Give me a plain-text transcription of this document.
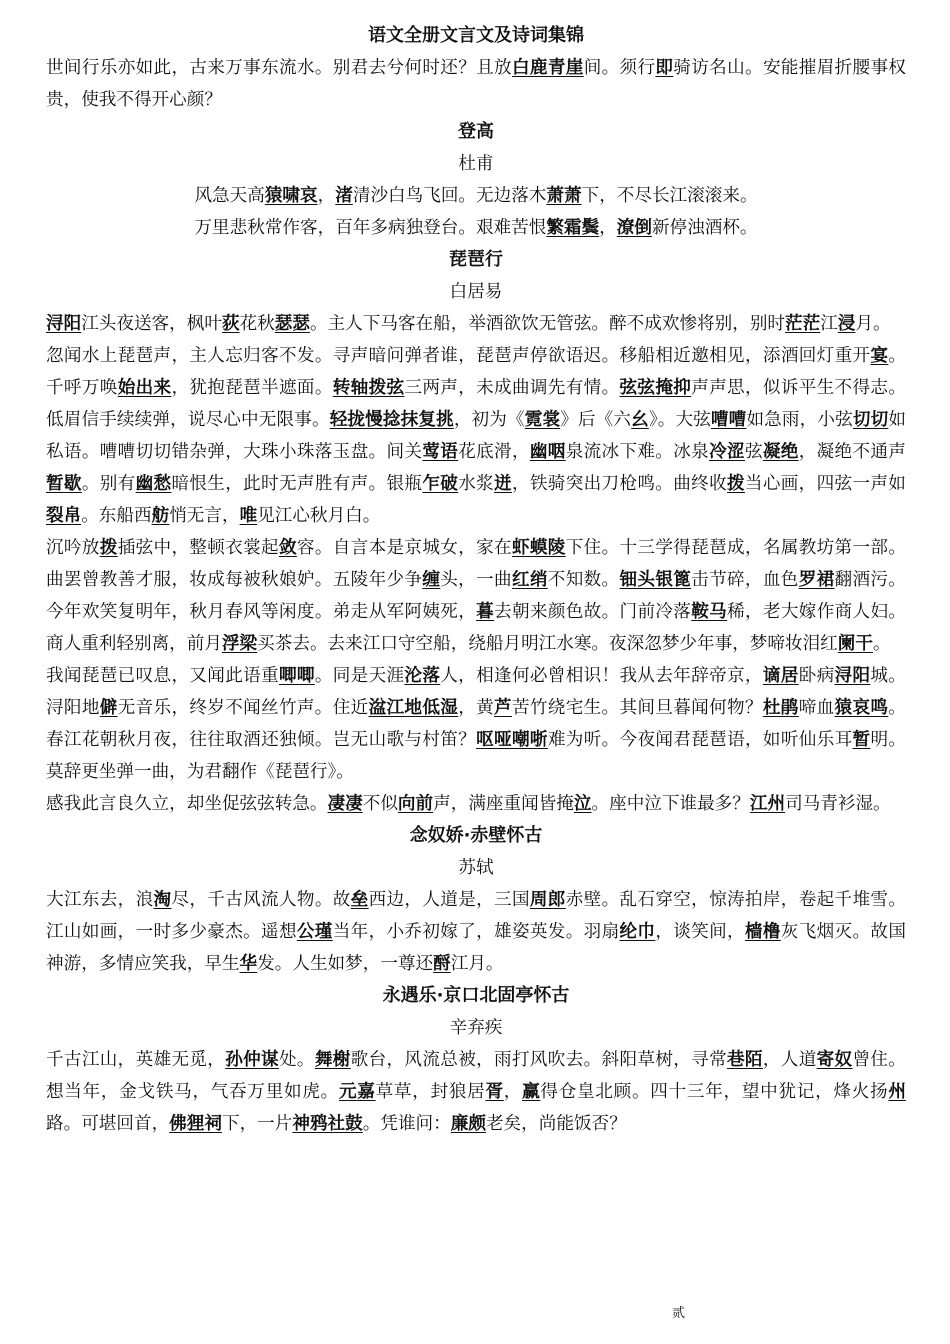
语文全册文言文及诗词集锦

世间行乐亦如此，古来万事东流水。别君去兮何时还？且放白鹿青崖间。须行即骑访名山。安能摧眉折腰事权贵，使我不得开心颜？

登高
杜甫

风急天高猿啸哀，渚清沙白鸟飞回。无边落木萧萧下，不尽长江滚滚来。

万里悲秋常作客，百年多病独登台。艰难苦恨繁霜鬓，潦倒新停浊酒杯。

琵琶行
白居易

浔阳江头夜送客，枫叶荻花秋瑟瑟。主人下马客在船，举酒欲饮无管弦。醉不成欢惨将别，别时茫茫江浸月。

忽闻水上琵琶声，主人忘归客不发。寻声暗问弹者谁，琵琶声停欲语迟。移船相近邀相见，添酒回灯重开宴。千呼万唤始出来，犹抱琵琶半遮面。转轴拨弦三两声，未成曲调先有情。弦弦掩抑声声思，似诉平生不得志。低眉信手续续弹，说尽心中无限事。轻拢慢捻抹复挑，初为《霓裳》后《六幺》。大弦嘈嘈如急雨，小弦切切如私语。嘈嘈切切错杂弹，大珠小珠落玉盘。间关莺语花底滑，幽咽泉流冰下难。冰泉冷涩弦凝绝，凝绝不通声暂歇。别有幽愁暗恨生，此时无声胜有声。银瓶乍破水浆迸，铁骑突出刀枪鸣。曲终收拨当心画，四弦一声如裂帛。东船西舫悄无言，唯见江心秋月白。

沉吟放拨插弦中，整顿衣裳起敛容。自言本是京城女，家在虾蟆陵下住。十三学得琵琶成，名属教坊第一部。曲罢曾教善才服，妆成每被秋娘妒。五陵年少争缠头，一曲红绡不知数。钿头银篦击节碎，血色罗裙翻酒污。今年欢笑复明年，秋月春风等闲度。弟走从军阿姨死，暮去朝来颜色故。门前冷落鞍马稀，老大嫁作商人妇。商人重利轻别离，前月浮梁买茶去。去来江口守空船，绕船月明江水寒。夜深忽梦少年事，梦啼妆泪红阑干。

我闻琵琶已叹息，又闻此语重唧唧。同是天涯沦落人，相逢何必曾相识！我从去年辞帝京，谪居卧病浔阳城。浔阳地僻无音乐，终岁不闻丝竹声。住近湓江地低湿，黄芦苦竹绕宅生。其间旦暮闻何物？杜鹃啼血猿哀鸣。春江花朝秋月夜，往往取酒还独倾。岂无山歌与村笛？呕哑嘲哳难为听。今夜闻君琵琶语，如听仙乐耳暂明。莫辞更坐弹一曲，为君翻作《琵琶行》。

感我此言良久立，却坐促弦弦转急。凄凄不似向前声，满座重闻皆掩泣。座中泣下谁最多？江州司马青衫湿。

念奴娇·赤壁怀古
苏轼

大江东去，浪淘尽，千古风流人物。故垒西边，人道是，三国周郎赤壁。乱石穿空，惊涛拍岸，卷起千堆雪。江山如画，一时多少豪杰。遥想公瑾当年，小乔初嫁了，雄姿英发。羽扇纶巾，谈笑间，樯橹灰飞烟灭。故国神游，多情应笑我，早生华发。人生如梦，一尊还酹江月。

永遇乐·京口北固亭怀古
辛弃疾

千古江山，英雄无觅，孙仲谋处。舞榭歌台，风流总被，雨打风吹去。斜阳草树，寻常巷陌，人道寄奴曾住。想当年，金戈铁马，气吞万里如虎。元嘉草草，封狼居胥，赢得仓皇北顾。四十三年，望中犹记，烽火扬州路。可堪回首，佛狸祠下，一片神鸦社鼓。凭谁问：廉颇老矣，尚能饭否？

贰
